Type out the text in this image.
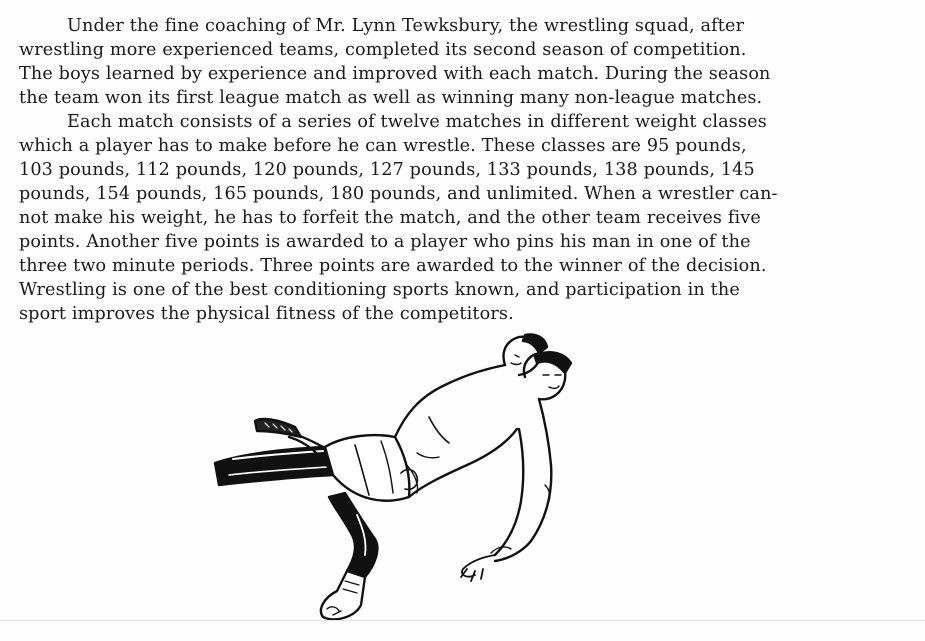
Under the fine coaching of Mr. Lynn Tewksbury, the wrestling squad, after
wrestling more experienced teams, completed its second season of competition.
The boys learned by experience and improved with each match. During the season
the team won its first league match as well as winning many non-league matches.
Each match consists of a series of twelve matches in different weight classes
which a player has to make before he can wrestle. These classes are 95 pounds,
103 pounds, 112 pounds, 120 pounds, 127 pounds, 133 pounds, 138 pounds, 145
pounds, 154 pounds, 165 pounds, 180 pounds, and unlimited. When a wrestler can-
not make his weight, he has to forfeit the match, and the other team receives five
points. Another five points is awarded to a player who pins his man in one of the
three two minute periods. Three points are awarded to the winner of the decision.
Wrestling is one of the best conditioning sports known, and participation in the
sport improves the physical fitness of the competitors.
